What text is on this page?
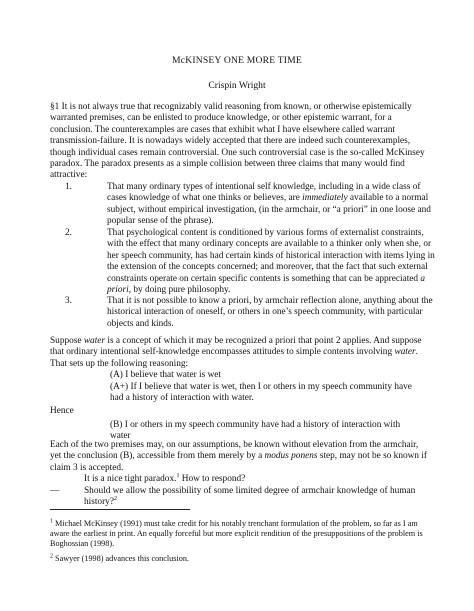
McKINSEY ONE MORE TIME
Crispin Wright
§1 It is not always true that recognizably valid reasoning from known, or otherwise epistemically warranted premises, can be enlisted to produce knowledge, or other epistemic warrant, for a conclusion. The counterexamples are cases that exhibit what I have elsewhere called warrant transmission-failure. It is nowadays widely accepted that there are indeed such counterexamples, though individual cases remain controversial. One such controversial case is the so-called McKinsey paradox. The paradox presents as a simple collision between three claims that many would find attractive:
1.	That many ordinary types of intentional self knowledge, including in a wide class of cases knowledge of what one thinks or believes, are immediately available to a normal subject, without empirical investigation, (in the armchair, or “a priori” in one loose and popular sense of the phrase).
2.	That psychological content is conditioned by various forms of externalist constraints, with the effect that many ordinary concepts are available to a thinker only when she, or her speech community, has had certain kinds of historical interaction with items lying in the extension of the concepts concerned; and moreover, that the fact that such external constraints operate on certain specific contents is something that can be appreciated a priori, by doing pure philosophy.
3.	That it is not possible to know a priori, by armchair reflection alone, anything about the historical interaction of oneself, or others in one’s speech community, with particular objects and kinds.
Suppose water is a concept of which it may be recognized a priori that point 2 applies. And suppose that ordinary intentional self-knowledge encompasses attitudes to simple contents involving water. That sets up the following reasoning:
(A) I believe that water is wet
(A+) If I believe that water is wet, then I or others in my speech community have had a history of interaction with water.
Hence
(B) I or others in my speech community have had a history of interaction with water
Each of the two premises may, on our assumptions, be known without elevation from the armchair, yet the conclusion (B), accessible from them merely by a modus ponens step, may not be so known if claim 3 is accepted.
It is a nice tight paradox.$^1$ How to respond?
—	Should we allow the possibility of some limited degree of armchair knowledge of human history?$^2$
$^1$ Michael McKinsey (1991) must take credit for his notably trenchant formulation of the problem, so far as I am aware the earliest in print. An equally forceful but more explicit rendition of the presuppositions of the problem is Boghossian (1998).
$^2$ Sawyer (1998) advances this conclusion.
